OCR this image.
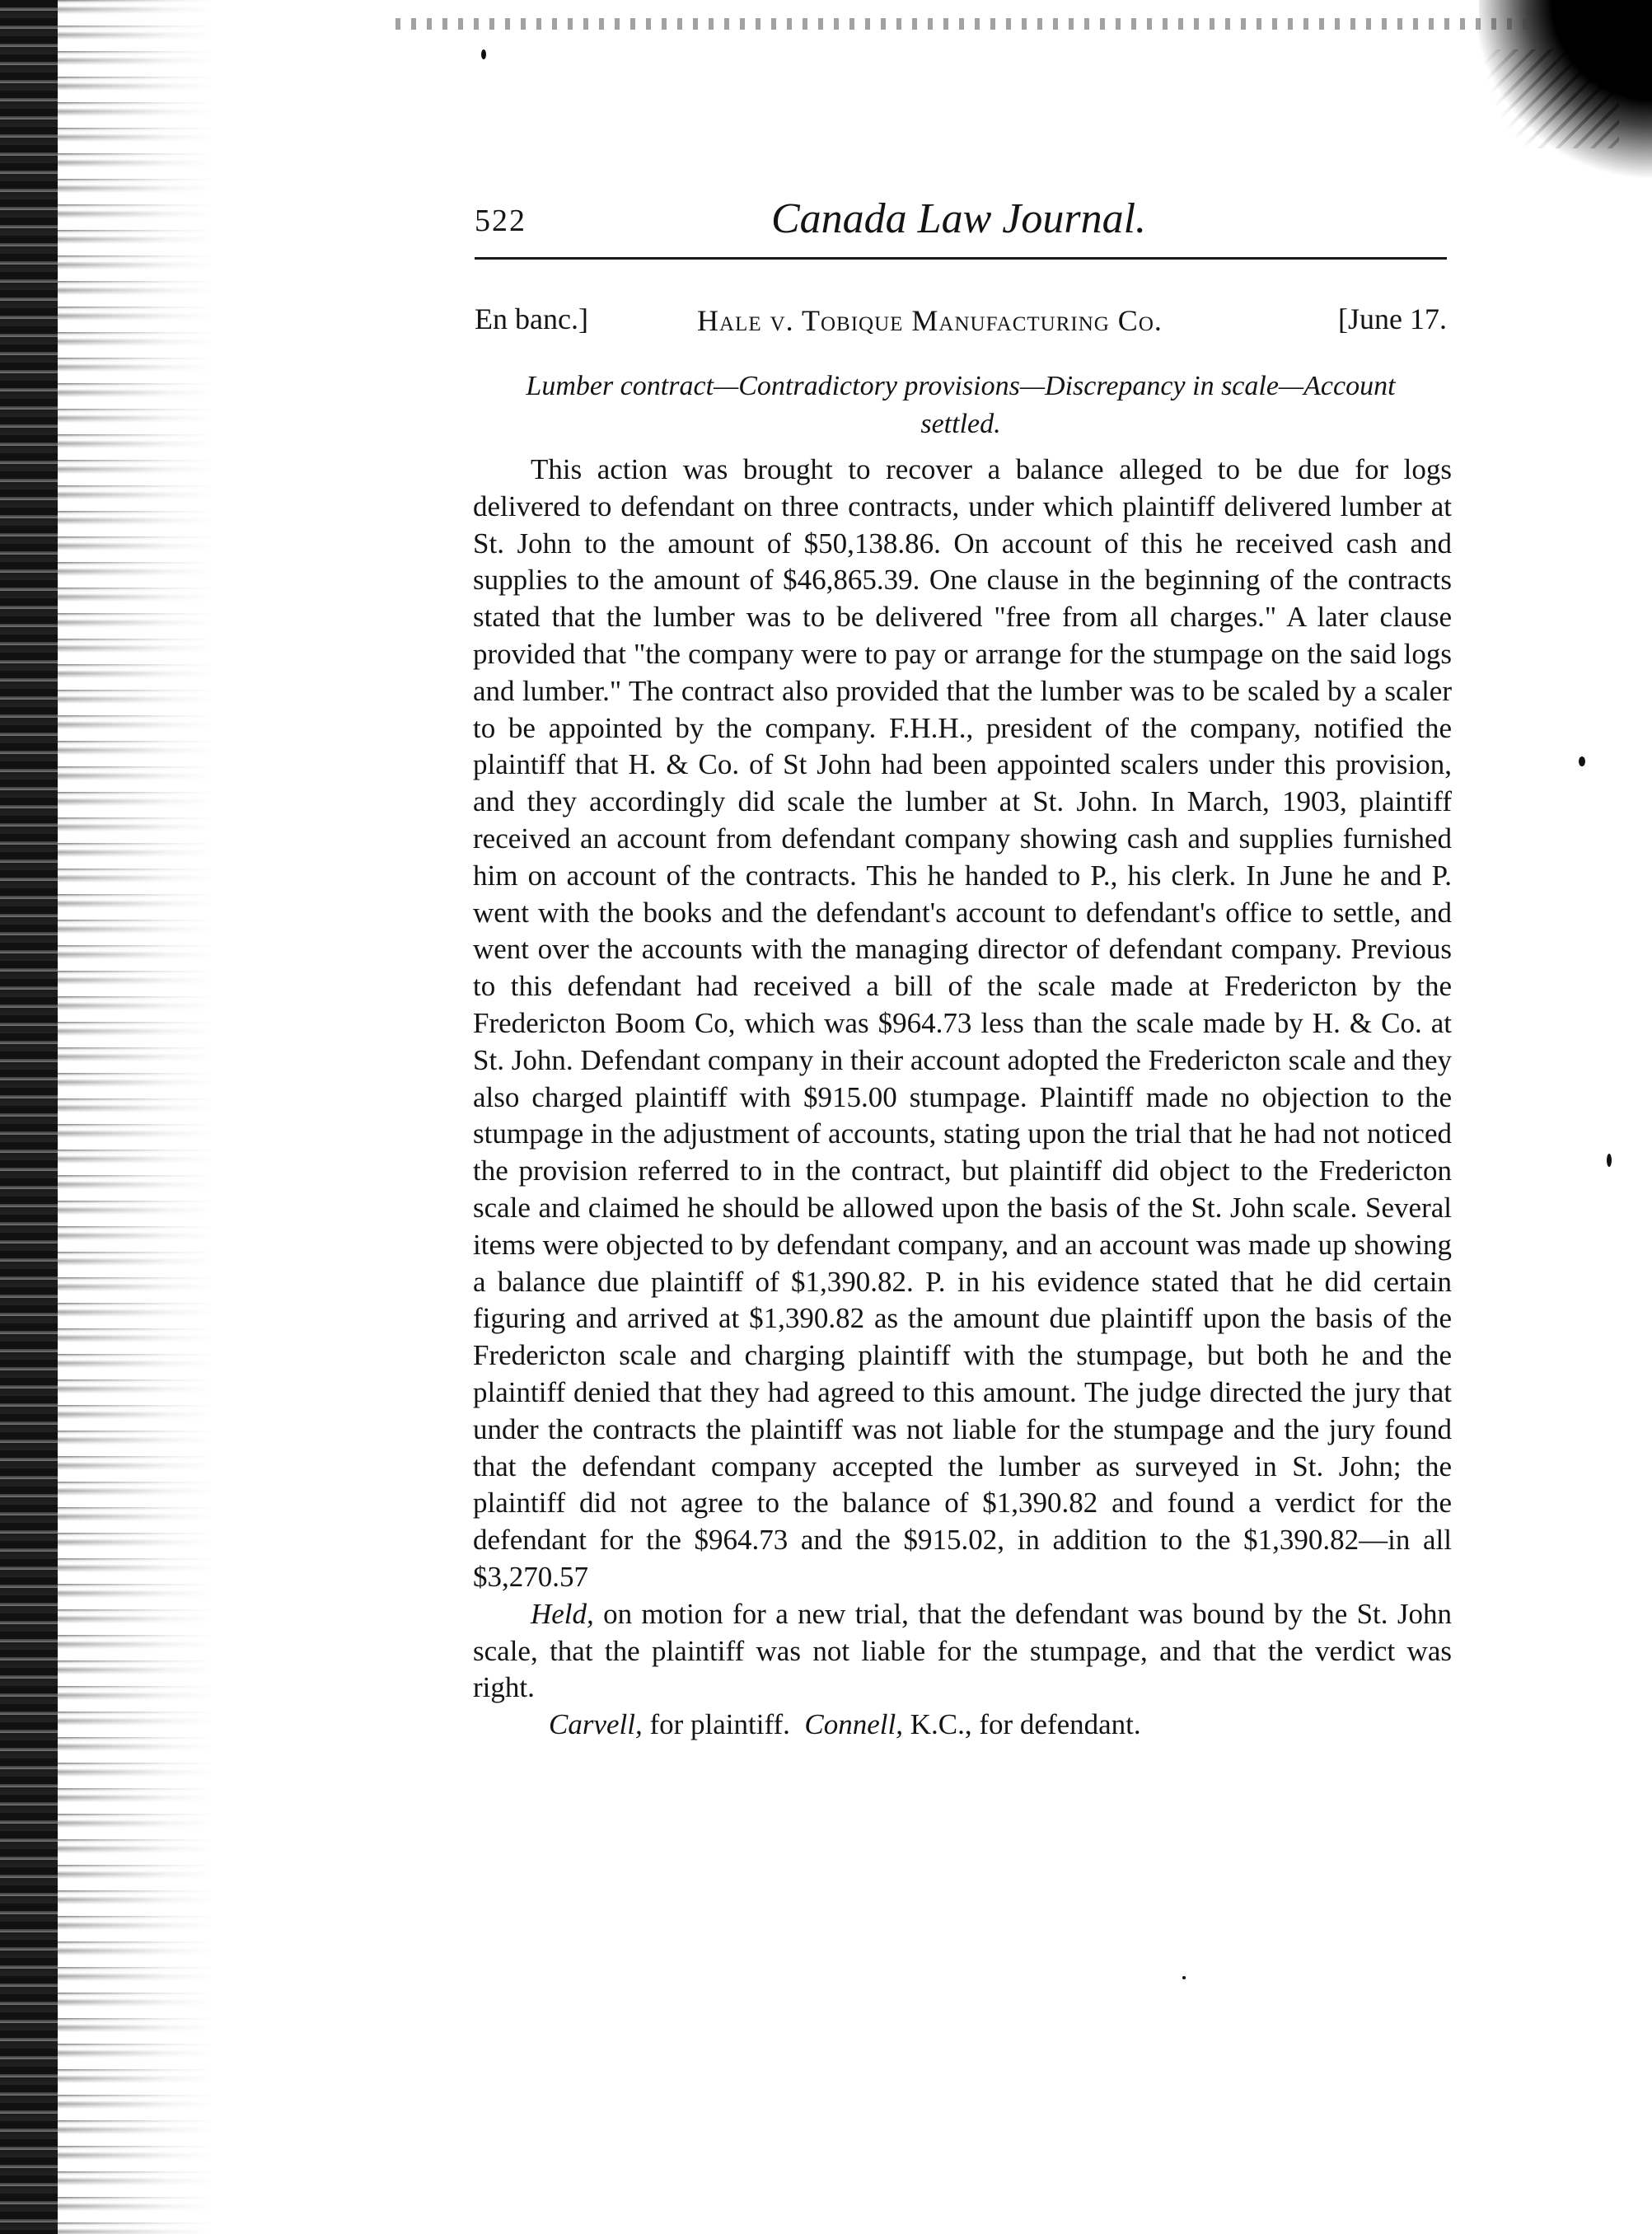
522	Canada Law Journal.
En banc.]	Hale v. Tobique Manufacturing Co.	[June 17.
Lumber contract—Contradictory provisions—Discrepancy in scale—Account
settled.

This action was brought to recover a balance alleged to be due for logs delivered to defendant on three contracts, under which plaintiff delivered lumber at St. John to the amount of $50,138.86. On account of this he received cash and supplies to the amount of $46,865.39. One clause in the beginning of the contracts stated that the lumber was to be delivered "free from all charges." A later clause provided that "the company were to pay or arrange for the stumpage on the said logs and lumber." The contract also provided that the lumber was to be scaled by a scaler to be appointed by the company. F.H.H., president of the company, notified the plaintiff that H. & Co. of St John had been appointed scalers under this provision, and they accordingly did scale the lumber at St. John. In March, 1903, plaintiff received an account from defendant company showing cash and supplies furnished him on account of the contracts. This he handed to P., his clerk. In June he and P. went with the books and the defendant's account to defendant's office to settle, and went over the accounts with the managing director of defendant company. Previous to this defendant had received a bill of the scale made at Fredericton by the Fredericton Boom Co, which was $964.73 less than the scale made by H. & Co. at St. John. Defendant company in their account adopted the Fredericton scale and they also charged plaintiff with $915.00 stumpage. Plaintiff made no objection to the stumpage in the adjustment of accounts, stating upon the trial that he had not noticed the provision referred to in the contract, but plaintiff did object to the Fredericton scale and claimed he should be allowed upon the basis of the St. John scale. Several items were objected to by defendant company, and an account was made up showing a balance due plaintiff of $1,390.82. P. in his evidence stated that he did certain figuring and arrived at $1,390.82 as the amount due plaintiff upon the basis of the Fredericton scale and charging plaintiff with the stumpage, but both he and the plaintiff denied that they had agreed to this amount. The judge directed the jury that under the contracts the plaintiff was not liable for the stumpage and the jury found that the defendant company accepted the lumber as surveyed in St. John; the plaintiff did not agree to the balance of $1,390.82 and found a verdict for the defendant for the $964.73 and the $915.02, in addition to the $1,390.82—in all $3,270.57

Held, on motion for a new trial, that the defendant was bound by the St. John scale, that the plaintiff was not liable for the stumpage, and that the verdict was right.

Carvell, for plaintiff. Connell, K.C., for defendant.
